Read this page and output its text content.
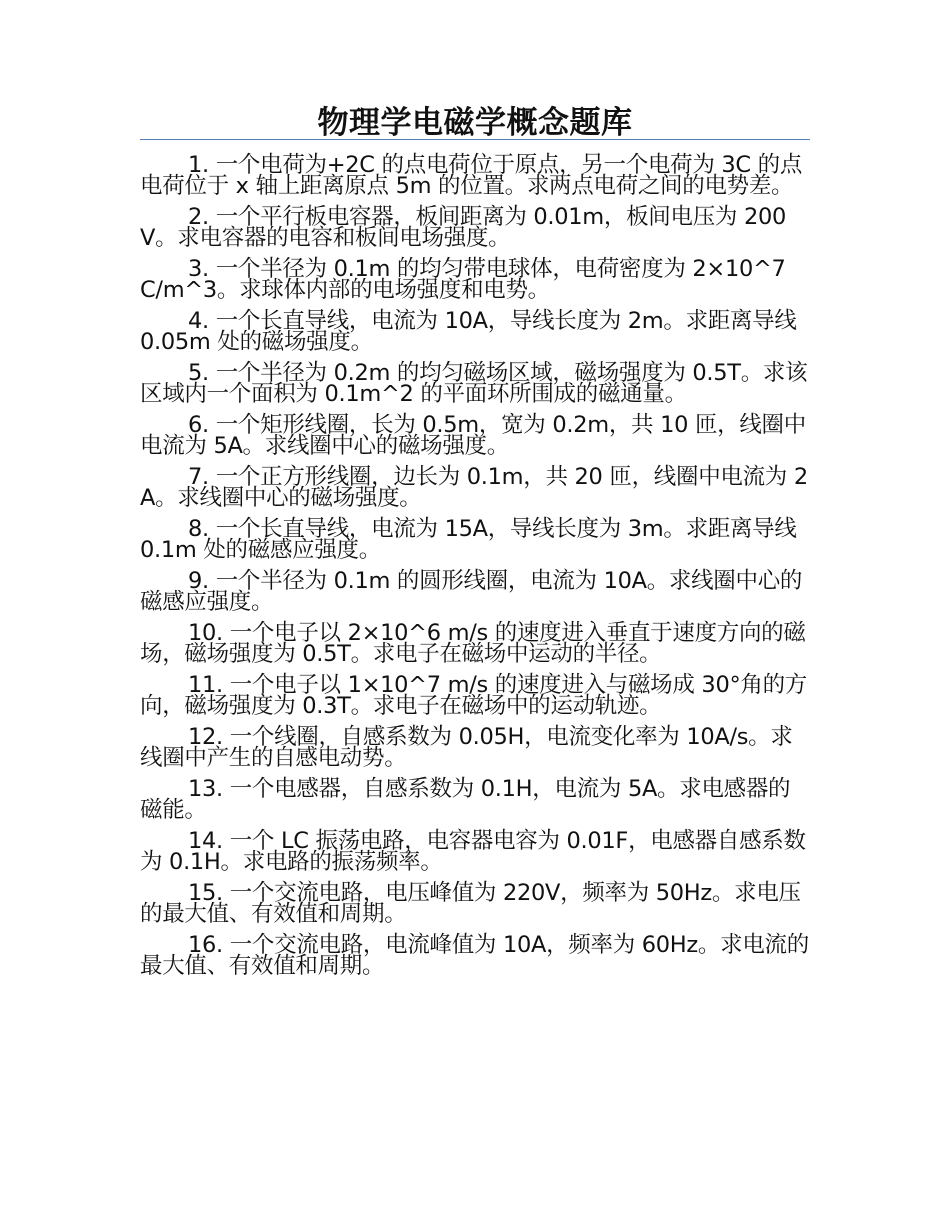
物理学电磁学概念题库
1. 一个电荷为+2C 的点电荷位于原点，另一个电荷为 3C 的点电荷位于 x 轴上距离原点 5m 的位置。求两点电荷之间的电势差。
2. 一个平行板电容器，板间距离为 0.01m，板间电压为 200V。求电容器的电容和板间电场强度。
3. 一个半径为 0.1m 的均匀带电球体，电荷密度为 2×10^7 C/m^3。求球体内部的电场强度和电势。
4. 一个长直导线，电流为 10A，导线长度为 2m。求距离导线 0.05m 处的磁场强度。
5. 一个半径为 0.2m 的均匀磁场区域，磁场强度为 0.5T。求该区域内一个面积为 0.1m^2 的平面环所围成的磁通量。
6. 一个矩形线圈，长为 0.5m，宽为 0.2m，共 10 匝，线圈中电流为 5A。求线圈中心的磁场强度。
7. 一个正方形线圈，边长为 0.1m，共 20 匝，线圈中电流为 2A。求线圈中心的磁场强度。
8. 一个长直导线，电流为 15A，导线长度为 3m。求距离导线 0.1m 处的磁感应强度。
9. 一个半径为 0.1m 的圆形线圈，电流为 10A。求线圈中心的磁感应强度。
10. 一个电子以 2×10^6 m/s 的速度进入垂直于速度方向的磁场，磁场强度为 0.5T。求电子在磁场中运动的半径。
11. 一个电子以 1×10^7 m/s 的速度进入与磁场成 30°角的方向，磁场强度为 0.3T。求电子在磁场中的运动轨迹。
12. 一个线圈，自感系数为 0.05H，电流变化率为 10A/s。求线圈中产生的自感电动势。
13. 一个电感器，自感系数为 0.1H，电流为 5A。求电感器的磁能。
14. 一个 LC 振荡电路，电容器电容为 0.01F，电感器自感系数为 0.1H。求电路的振荡频率。
15. 一个交流电路，电压峰值为 220V，频率为 50Hz。求电压的最大值、有效值和周期。
16. 一个交流电路，电流峰值为 10A，频率为 60Hz。求电流的最大值、有效值和周期。
